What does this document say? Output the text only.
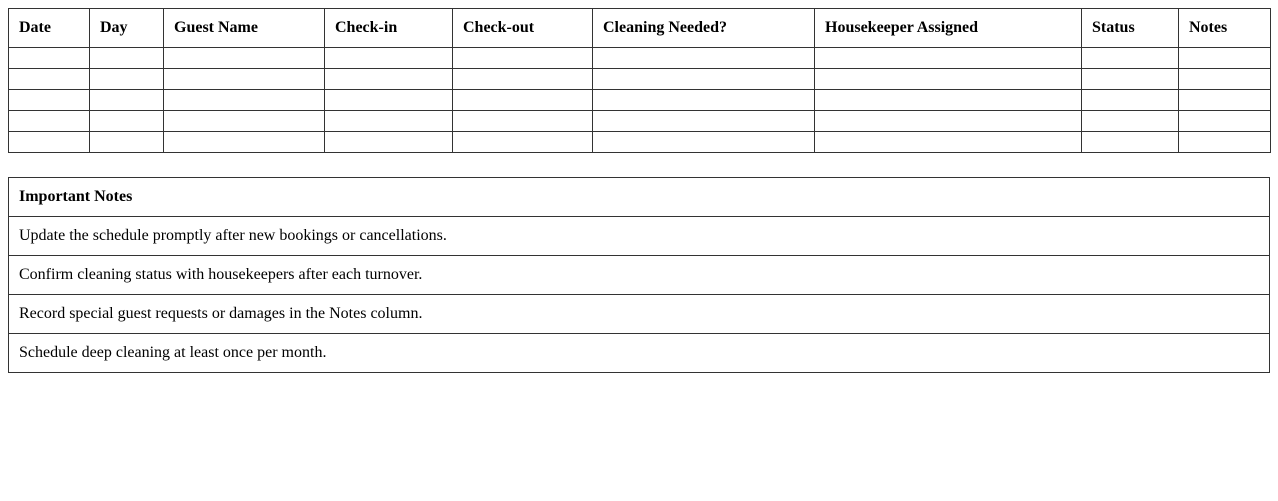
Date	Day	Guest Name	Check-in	Check-out	Cleaning Needed?	Housekeeper Assigned	Status	Notes

Important Notes
Update the schedule promptly after new bookings or cancellations.
Confirm cleaning status with housekeepers after each turnover.
Record special guest requests or damages in the Notes column.
Schedule deep cleaning at least once per month.
